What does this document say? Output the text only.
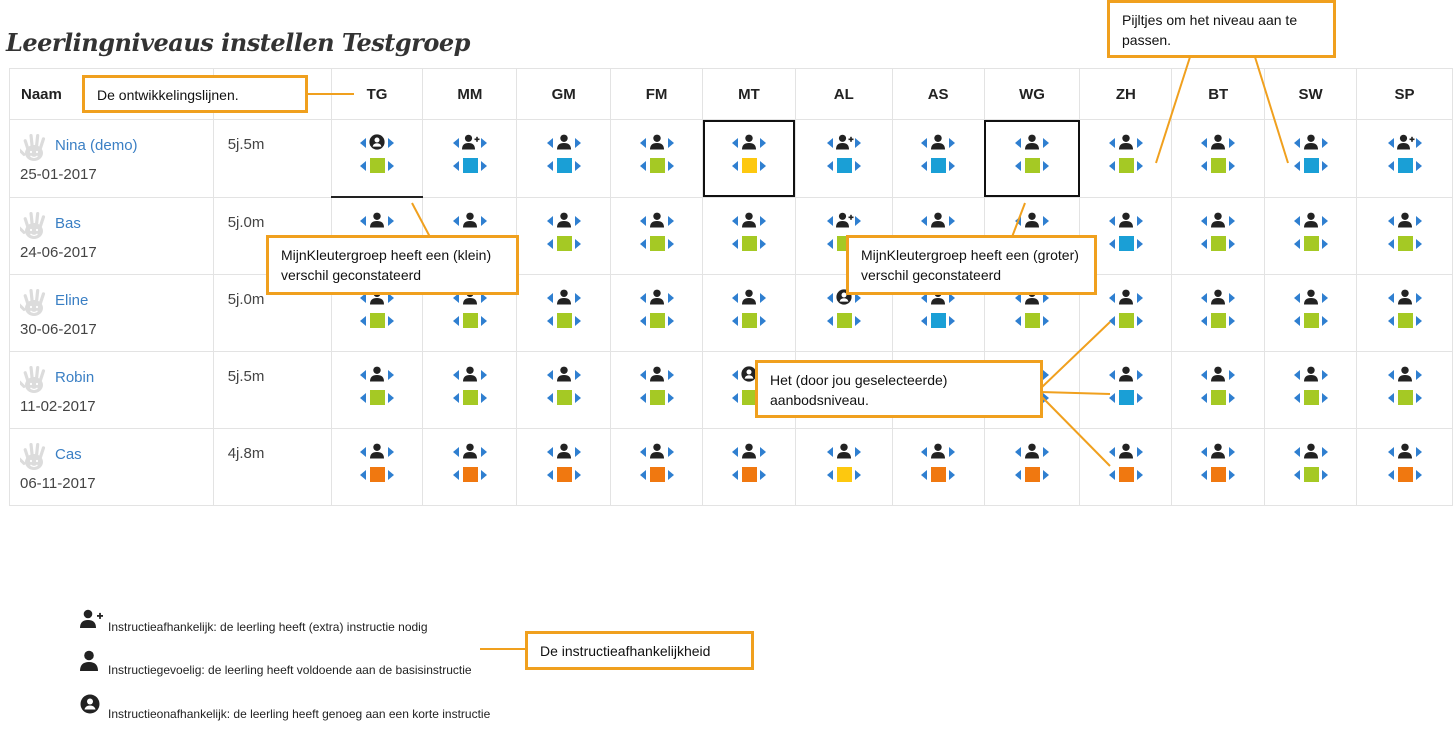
Leerlingniveaus instellen Testgroep
Naam		TG	MM	GM	FM	MT	AL	AS	WG	ZH	BT	SW	SP

Nina (demo)
25-01-2017	5j.5m

Bas
24-06-2017	5j.0m

Eline
30-06-2017	5j.0m

Robin
11-02-2017	5j.5m

Cas
06-11-2017	4j.8m

De ontwikkelingslijnen.
Pijltjes om het niveau aan te passen.
MijnKleutergroep heeft een (klein) verschil geconstateerd
MijnKleutergroep heeft een (groter) verschil geconstateerd
Het (door jou geselecteerde) aanbodsniveau.
De instructieafhankelijkheid
Instructieafhankelijk: de leerling heeft (extra) instructie nodig
Instructiegevoelig: de leerling heeft voldoende aan de basisinstructie
Instructieonafhankelijk: de leerling heeft genoeg aan een korte instructie
